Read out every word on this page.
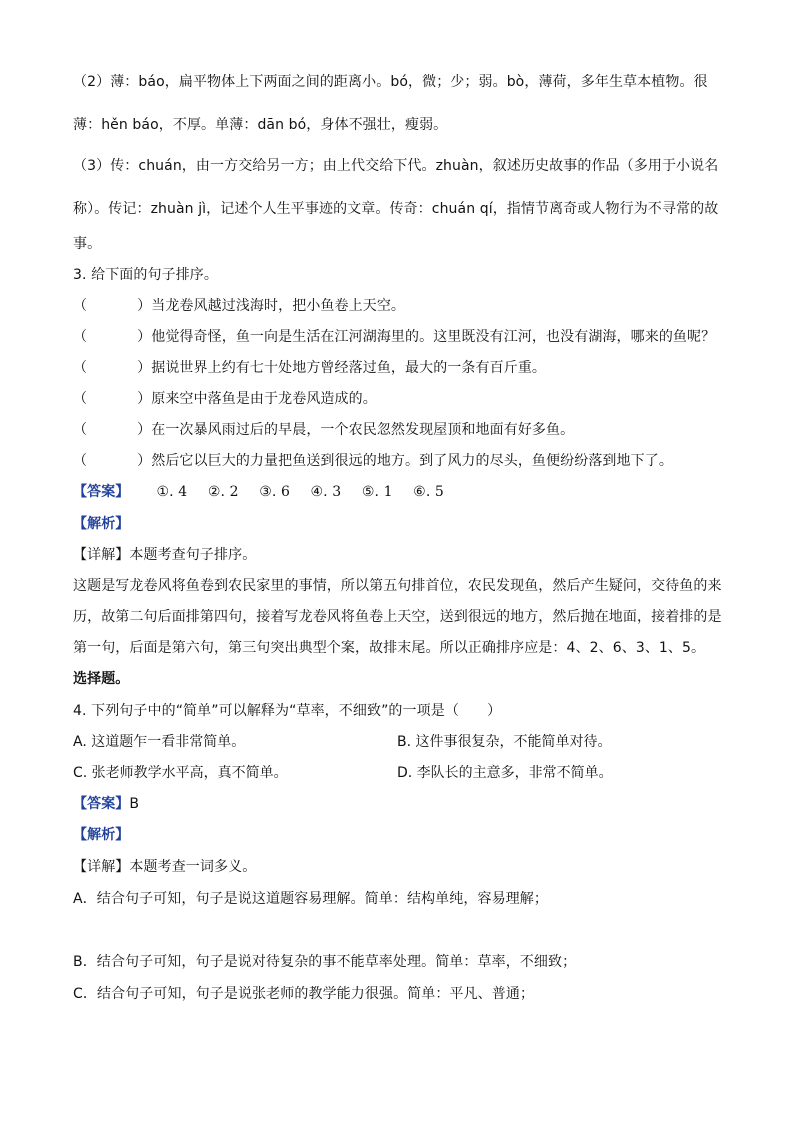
（2）薄：báo，扁平物体上下两面之间的距离小。bó，微；少；弱。bò，薄荷，多年生草本植物。很
薄：hěn báo，不厚。单薄：dān bó，身体不强壮，瘦弱。
（3）传：chuán，由一方交给另一方；由上代交给下代。zhuàn，叙述历史故事的作品（多用于小说名
称）。传记：zhuàn jì，记述个人生平事迹的文章。传奇：chuán qí，指情节离奇或人物行为不寻常的故
事。
3. 给下面的句子排序。
（	）当龙卷风越过浅海时，把小鱼卷上天空。
（	）他觉得奇怪，鱼一向是生活在江河湖海里的。这里既没有江河，也没有湖海，哪来的鱼呢？
（	）据说世界上约有七十处地方曾经落过鱼，最大的一条有百斤重。
（	）原来空中落鱼是由于龙卷风造成的。
（	）在一次暴风雨过后的早晨，一个农民忽然发现屋顶和地面有好多鱼。
（	）然后它以巨大的力量把鱼送到很远的地方。到了风力的尽头，鱼便纷纷落到地下了。
【答案】 ①. 4 ②. 2 ③. 6 ④. 3 ⑤. 1 ⑥. 5
【解析】
【详解】本题考查句子排序。
这题是写龙卷风将鱼卷到农民家里的事情，所以第五句排首位，农民发现鱼，然后产生疑问，交待鱼的来
历，故第二句后面排第四句，接着写龙卷风将鱼卷上天空，送到很远的地方，然后抛在地面，接着排的是
第一句，后面是第六句，第三句突出典型个案，故排末尾。所以正确排序应是：4、2、6、3、1、5。
选择题。
4. 下列句子中的“简单”可以解释为“草率，不细致”的一项是（　　）
A. 这道题乍一看非常简单。	B. 这件事很复杂，不能简单对待。
C. 张老师教学水平高，真不简单。	D. 李队长的主意多，非常不简单。
【答案】B
【解析】
【详解】本题考查一词多义。
A．结合句子可知，句子是说这道题容易理解。简单：结构单纯，容易理解；
B．结合句子可知，句子是说对待复杂的事不能草率处理。简单：草率，不细致；
C．结合句子可知，句子是说张老师的教学能力很强。简单：平凡、普通；
